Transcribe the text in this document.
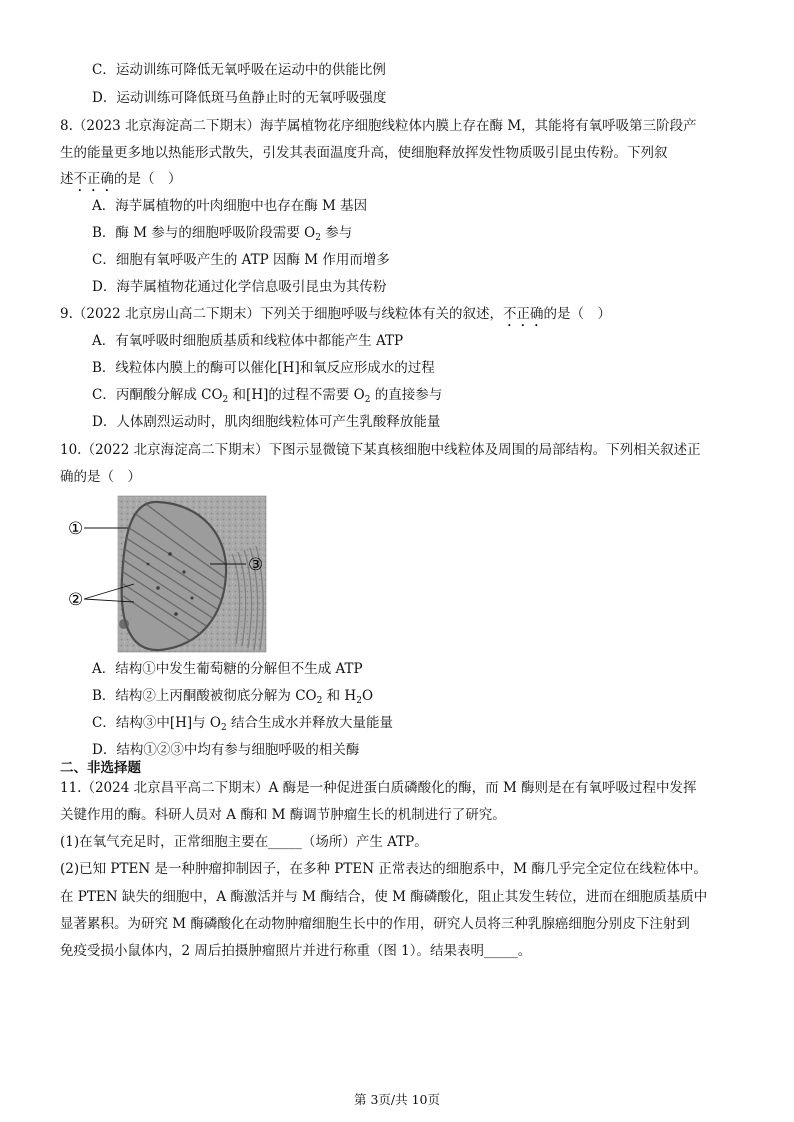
C．运动训练可降低无氧呼吸在运动中的供能比例
D．运动训练可降低斑马鱼静止时的无氧呼吸强度
8.（2023 北京海淀高二下期末）海芋属植物花序细胞线粒体内膜上存在酶 M，其能将有氧呼吸第三阶段产
生的能量更多地以热能形式散失，引发其表面温度升高，使细胞释放挥发性物质吸引昆虫传粉。下列叙
述不正确的是（　）
A．海芋属植物的叶肉细胞中也存在酶 M 基因
B．酶 M 参与的细胞呼吸阶段需要 $O_2$ 参与
C．细胞有氧呼吸产生的 ATP 因酶 M 作用而增多
D．海芋属植物花通过化学信息吸引昆虫为其传粉
9.（2022 北京房山高二下期末）下列关于细胞呼吸与线粒体有关的叙述，不正确的是（　）
A．有氧呼吸时细胞质基质和线粒体中都能产生 ATP
B．线粒体内膜上的酶可以催化[H]和氧反应形成水的过程
C．丙酮酸分解成 $CO_2$ 和[H]的过程不需要 $O_2$ 的直接参与
D．人体剧烈运动时，肌肉细胞线粒体可产生乳酸释放能量
10.（2022 北京海淀高二下期末）下图示显微镜下某真核细胞中线粒体及周围的局部结构。下列相关叙述正
确的是（　）
①
③
②
A．结构①中发生葡萄糖的分解但不生成 ATP
B．结构②上丙酮酸被彻底分解为 $CO_2$ 和 $H_2O$
C．结构③中[H]与 $O_2$ 结合生成水并释放大量能量
D．结构①②③中均有参与细胞呼吸的相关酶
二、非选择题
11.（2024 北京昌平高二下期末）A 酶是一种促进蛋白质磷酸化的酶，而 M 酶则是在有氧呼吸过程中发挥
关键作用的酶。科研人员对 A 酶和 M 酶调节肿瘤生长的机制进行了研究。
(1)在氧气充足时，正常细胞主要在_____（场所）产生 ATP。
(2)已知 PTEN 是一种肿瘤抑制因子，在多种 PTEN 正常表达的细胞系中，M 酶几乎完全定位在线粒体中。
在 PTEN 缺失的细胞中，A 酶激活并与 M 酶结合，使 M 酶磷酸化，阻止其发生转位，进而在细胞质基质中
显著累积。为研究 M 酶磷酸化在动物肿瘤细胞生长中的作用，研究人员将三种乳腺癌细胞分别皮下注射到
免疫受损小鼠体内，2 周后拍摄肿瘤照片并进行称重（图 1）。结果表明_____。
第 3页/共 10页
